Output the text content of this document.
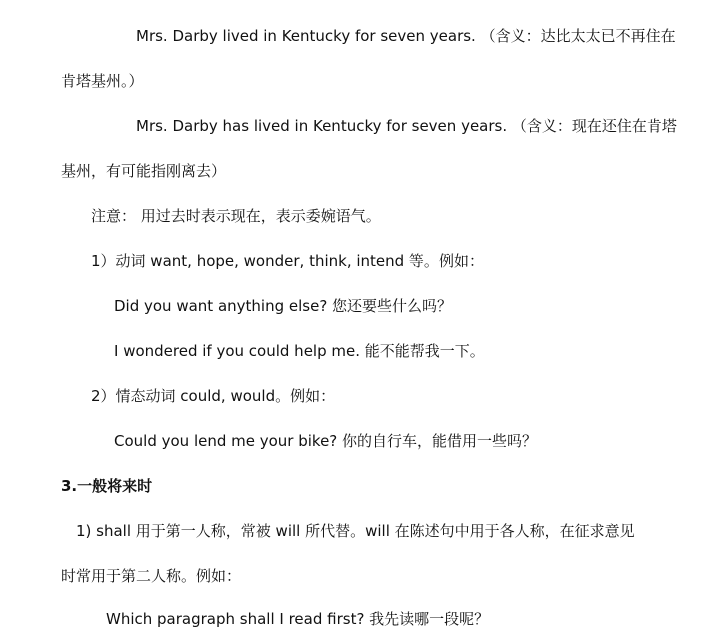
Mrs. Darby lived in Kentucky for seven years. （含义：达比太太已不再住在
肯塔基州。）
Mrs. Darby has lived in Kentucky for seven years. （含义：现在还住在肯塔
基州，有可能指刚离去）
注意： 用过去时表示现在，表示委婉语气。
1）动词 want, hope, wonder, think, intend 等。例如：
Did you want anything else? 您还要些什么吗？
I wondered if you could help me. 能不能帮我一下。
2）情态动词 could, would。例如：
Could you lend me your bike? 你的自行车，能借用一些吗？
3.一般将来时
1) shall 用于第一人称，常被 will 所代替。will 在陈述句中用于各人称，在征求意见
时常用于第二人称。例如：
Which paragraph shall I read first? 我先读哪一段呢？
